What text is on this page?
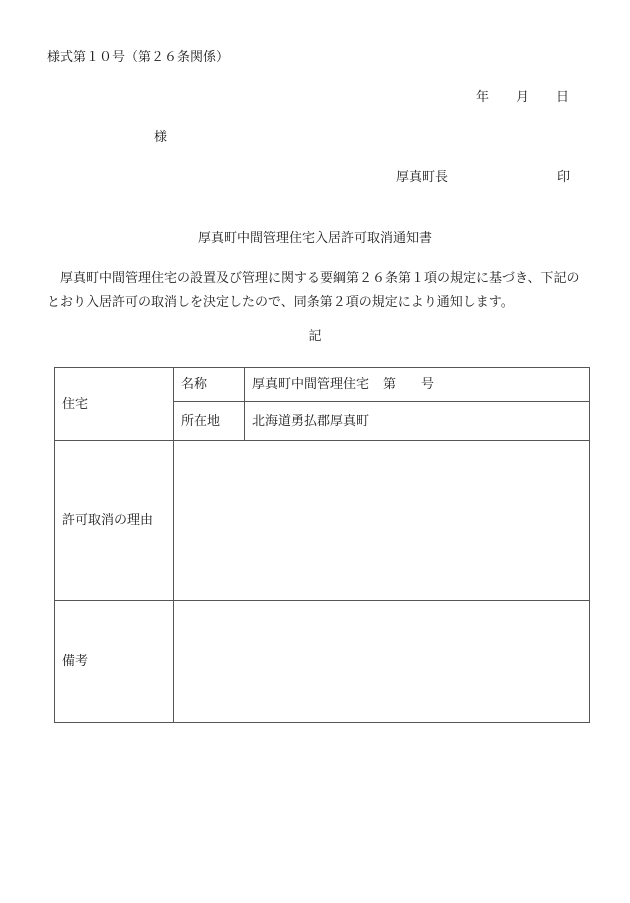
様式第１０号（第２６条関係）
年 月 日
様
厚真町長	印
厚真町中間管理住宅入居許可取消通知書

厚真町中間管理住宅の設置及び管理に関する要綱第２６条第１項の規定に基づき、下記のとおり入居許可の取消しを決定したので、同条第２項の規定により通知します。

記
住宅	名称	厚真町中間管理住宅 第 号
	所在地	北海道勇払郡厚真町
許可取消の理由		
備考		
